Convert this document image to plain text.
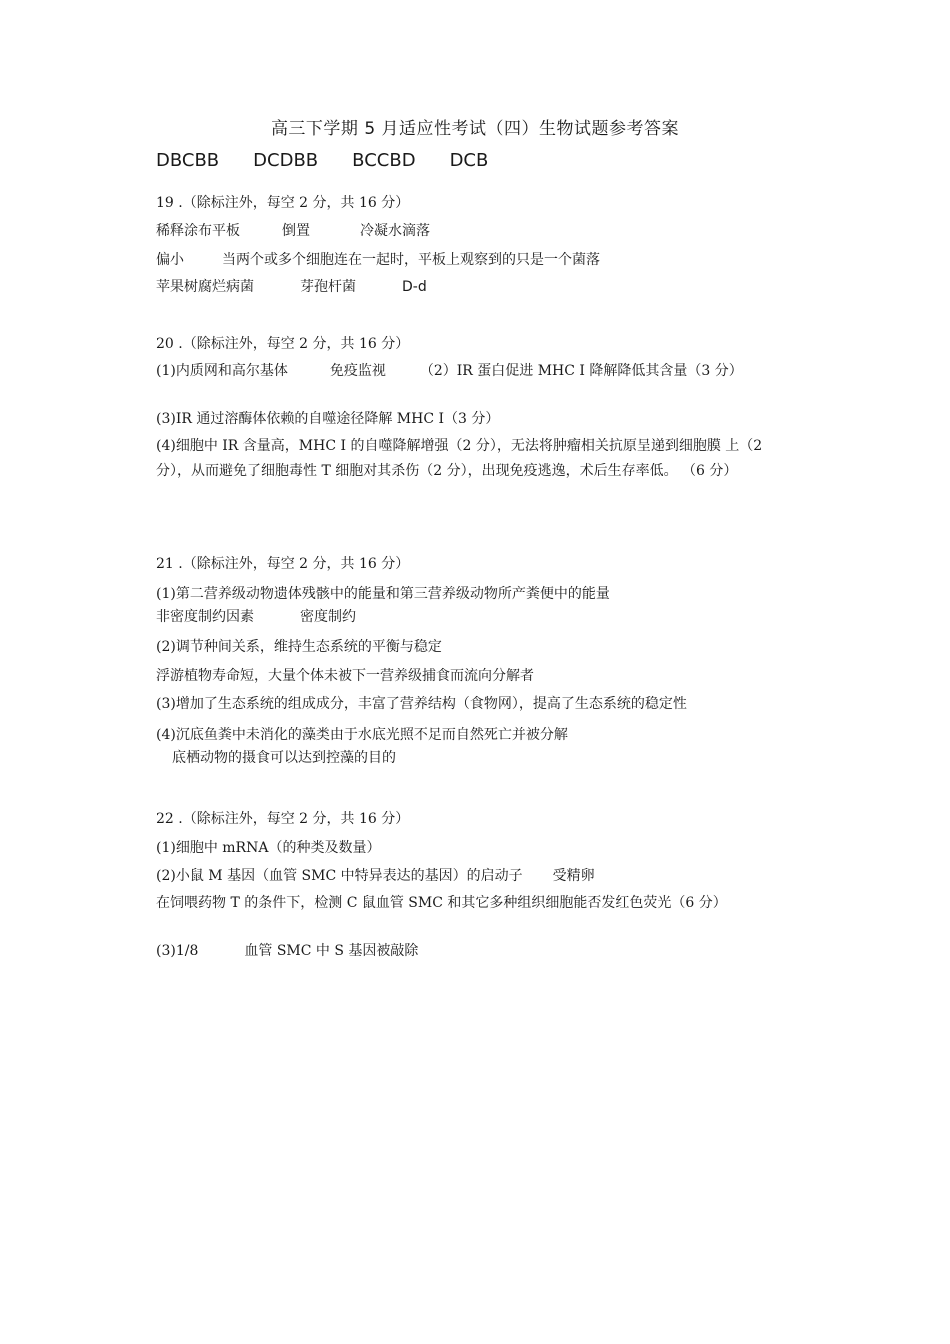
高三下学期 5 月适应性考试（四）生物试题参考答案
DBCBB DCDBB BCCBD DCB
19 .（除标注外，每空 2 分，共 16 分）
稀释涂布平板	倒置	冷凝水滴落
偏小	当两个或多个细胞连在一起时，平板上观察到的只是一个菌落
苹果树腐烂病菌	芽孢杆菌	D-d
20 .（除标注外，每空 2 分，共 16 分）
(1)内质网和高尔基体	免疫监视 （2）IR 蛋白促进 MHC Ⅰ 降解降低其含量（3 分）
(3)IR 通过溶酶体依赖的自噬途径降解 MHC Ⅰ（3 分）
(4)细胞中 IR 含量高，MHC Ⅰ 的自噬降解增强（2 分），无法将肿瘤相关抗原呈递到细胞膜 上（2 分），从而避免了细胞毒性 T 细胞对其杀伤（2 分），出现免疫逃逸，术后生存率低。 （6 分）
21 .（除标注外，每空 2 分，共 16 分）
(1)第二营养级动物遗体残骸中的能量和第三营养级动物所产粪便中的能量
非密度制约因素	密度制约
(2)调节种间关系，维持生态系统的平衡与稳定
浮游植物寿命短，大量个体未被下一营养级捕食而流向分解者
(3)增加了生态系统的组成成分，丰富了营养结构（食物网），提高了生态系统的稳定性
(4)沉底鱼粪中未消化的藻类由于水底光照不足而自然死亡并被分解
底栖动物的摄食可以达到控藻的目的
22 .（除标注外，每空 2 分，共 16 分）
(1)细胞中 mRNA（的种类及数量）
(2)小鼠 M 基因（血管 SMC 中特异表达的基因）的启动子 受精卵
在饲喂药物 T 的条件下，检测 C 鼠血管 SMC 和其它多种组织细胞能否发红色荧光（6 分）
(3)1/8	血管 SMC 中 S 基因被敲除
